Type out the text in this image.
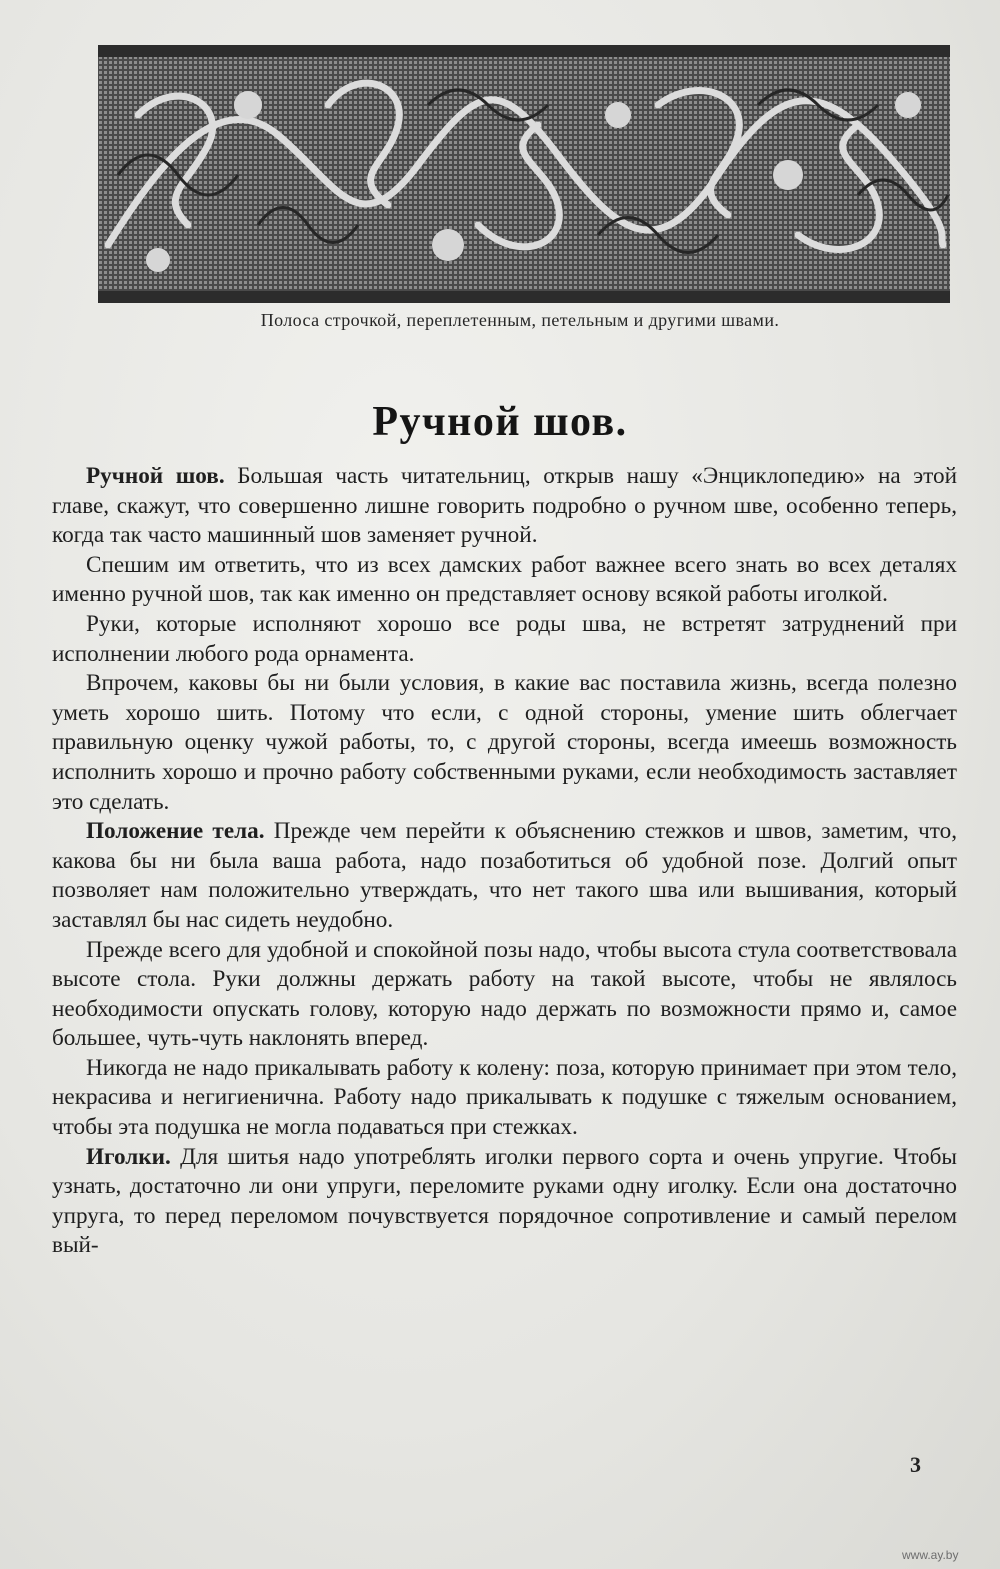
Полоса строчкой, переплетенным, петельным и другими швами.
Ручной шов.

Ручной шов. Большая часть читательниц, открыв нашу «Энциклопедию» на этой главе, скажут, что совершенно лишне говорить подробно о ручном шве, особенно теперь, когда так часто машинный шов заменяет ручной.

Спешим им ответить, что из всех дамских работ важнее всего знать во всех деталях именно ручной шов, так как именно он представляет основу всякой работы иголкой.

Руки, которые исполняют хорошо все роды шва, не встретят затруднений при исполнении любого рода орнамента.

Впрочем, каковы бы ни были условия, в какие вас поставила жизнь, всегда полезно уметь хорошо шить. Потому что если, с одной стороны, умение шить облегчает правильную оценку чужой работы, то, с другой стороны, всегда имеешь возможность исполнить хорошо и прочно работу собственными руками, если необходимость заставляет это сделать.

Положение тела. Прежде чем перейти к объяснению стежков и швов, заметим, что, какова бы ни была ваша работа, надо позаботиться об удобной позе. Долгий опыт позволяет нам положительно утверждать, что нет такого шва или вышивания, который заставлял бы нас сидеть неудобно.

Прежде всего для удобной и спокойной позы надо, чтобы высота стула соответствовала высоте стола. Руки должны держать работу на такой высоте, чтобы не являлось необходимости опускать голову, которую надо держать по возможности прямо и, самое большее, чуть-чуть наклонять вперед.

Никогда не надо прикалывать работу к колену: поза, которую принимает при этом тело, некрасива и негигиенична. Работу надо прикалывать к подушке с тяжелым основанием, чтобы эта подушка не могла подаваться при стежках.

Иголки. Для шитья надо употреблять иголки первого сорта и очень упругие. Чтобы узнать, достаточно ли они упруги, переломите руками одну иголку. Если она достаточно упруга, то перед переломом почувствуется порядочное сопротивление и самый перелом вый-

3
www.ay.by
